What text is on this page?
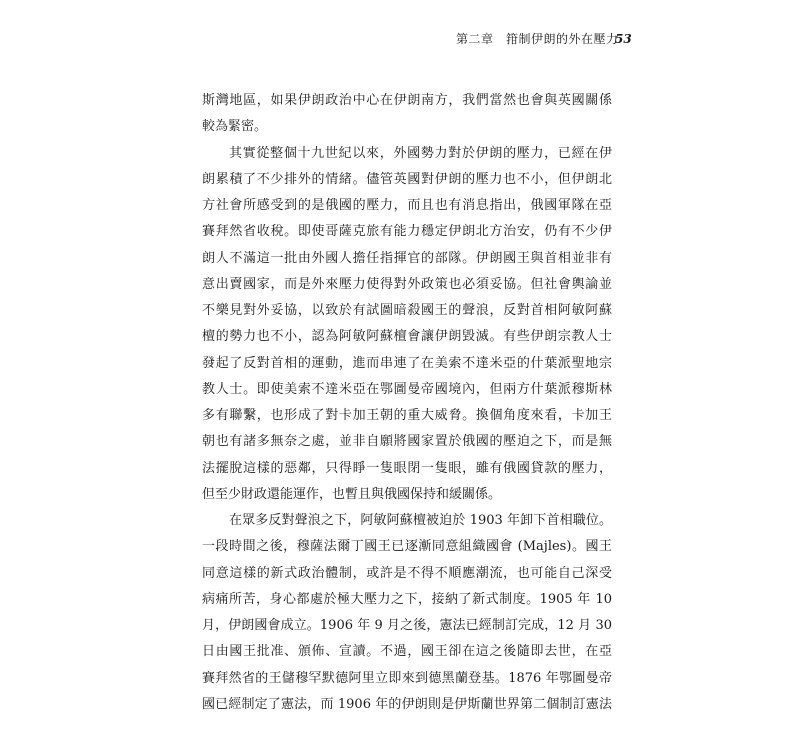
第二章　箝制伊朗的外在壓力
53
斯灣地區，如果伊朗政治中心在伊朗南方，我們當然也會與英國關係
較為緊密。
其實從整個十九世紀以來，外國勢力對於伊朗的壓力，已經在伊
朗累積了不少排外的情緒。儘管英國對伊朗的壓力也不小，但伊朗北
方社會所感受到的是俄國的壓力，而且也有消息指出，俄國軍隊在亞
賽拜然省收稅。即使哥薩克旅有能力穩定伊朗北方治安，仍有不少伊
朗人不滿這一批由外國人擔任指揮官的部隊。伊朗國王與首相並非有
意出賣國家，而是外來壓力使得對外政策也必須妥協。但社會輿論並
不樂見對外妥協，以致於有試圖暗殺國王的聲浪，反對首相阿敏阿蘇
檀的勢力也不小，認為阿敏阿蘇檀會讓伊朗毀滅。有些伊朗宗教人士
發起了反對首相的運動，進而串連了在美索不達米亞的什葉派聖地宗
教人士。即使美索不達米亞在鄂圖曼帝國境內，但兩方什葉派穆斯林
多有聯繫，也形成了對卡加王朝的重大威脅。換個角度來看，卡加王
朝也有諸多無奈之處，並非自願將國家置於俄國的壓迫之下，而是無
法擺脫這樣的惡鄰，只得睜一隻眼閉一隻眼，雖有俄國貸款的壓力，
但至少財政還能運作，也暫且與俄國保持和緩關係。
在眾多反對聲浪之下，阿敏阿蘇檀被迫於 1903 年卸下首相職位。
一段時間之後，穆薩法爾丁國王已逐漸同意組織國會 (Majles)。國王
同意這樣的新式政治體制，或許是不得不順應潮流，也可能自己深受
病痛所苦，身心都處於極大壓力之下，接納了新式制度。1905 年 10
月，伊朗國會成立。1906 年 9 月之後，憲法已經制訂完成，12 月 30
日由國王批准、頒佈、宣讀。不過，國王卻在這之後隨即去世，在亞
賽拜然省的王儲穆罕默德阿里立即來到德黑蘭登基。1876 年鄂圖曼帝
國已經制定了憲法，而 1906 年的伊朗則是伊斯蘭世界第二個制訂憲法
